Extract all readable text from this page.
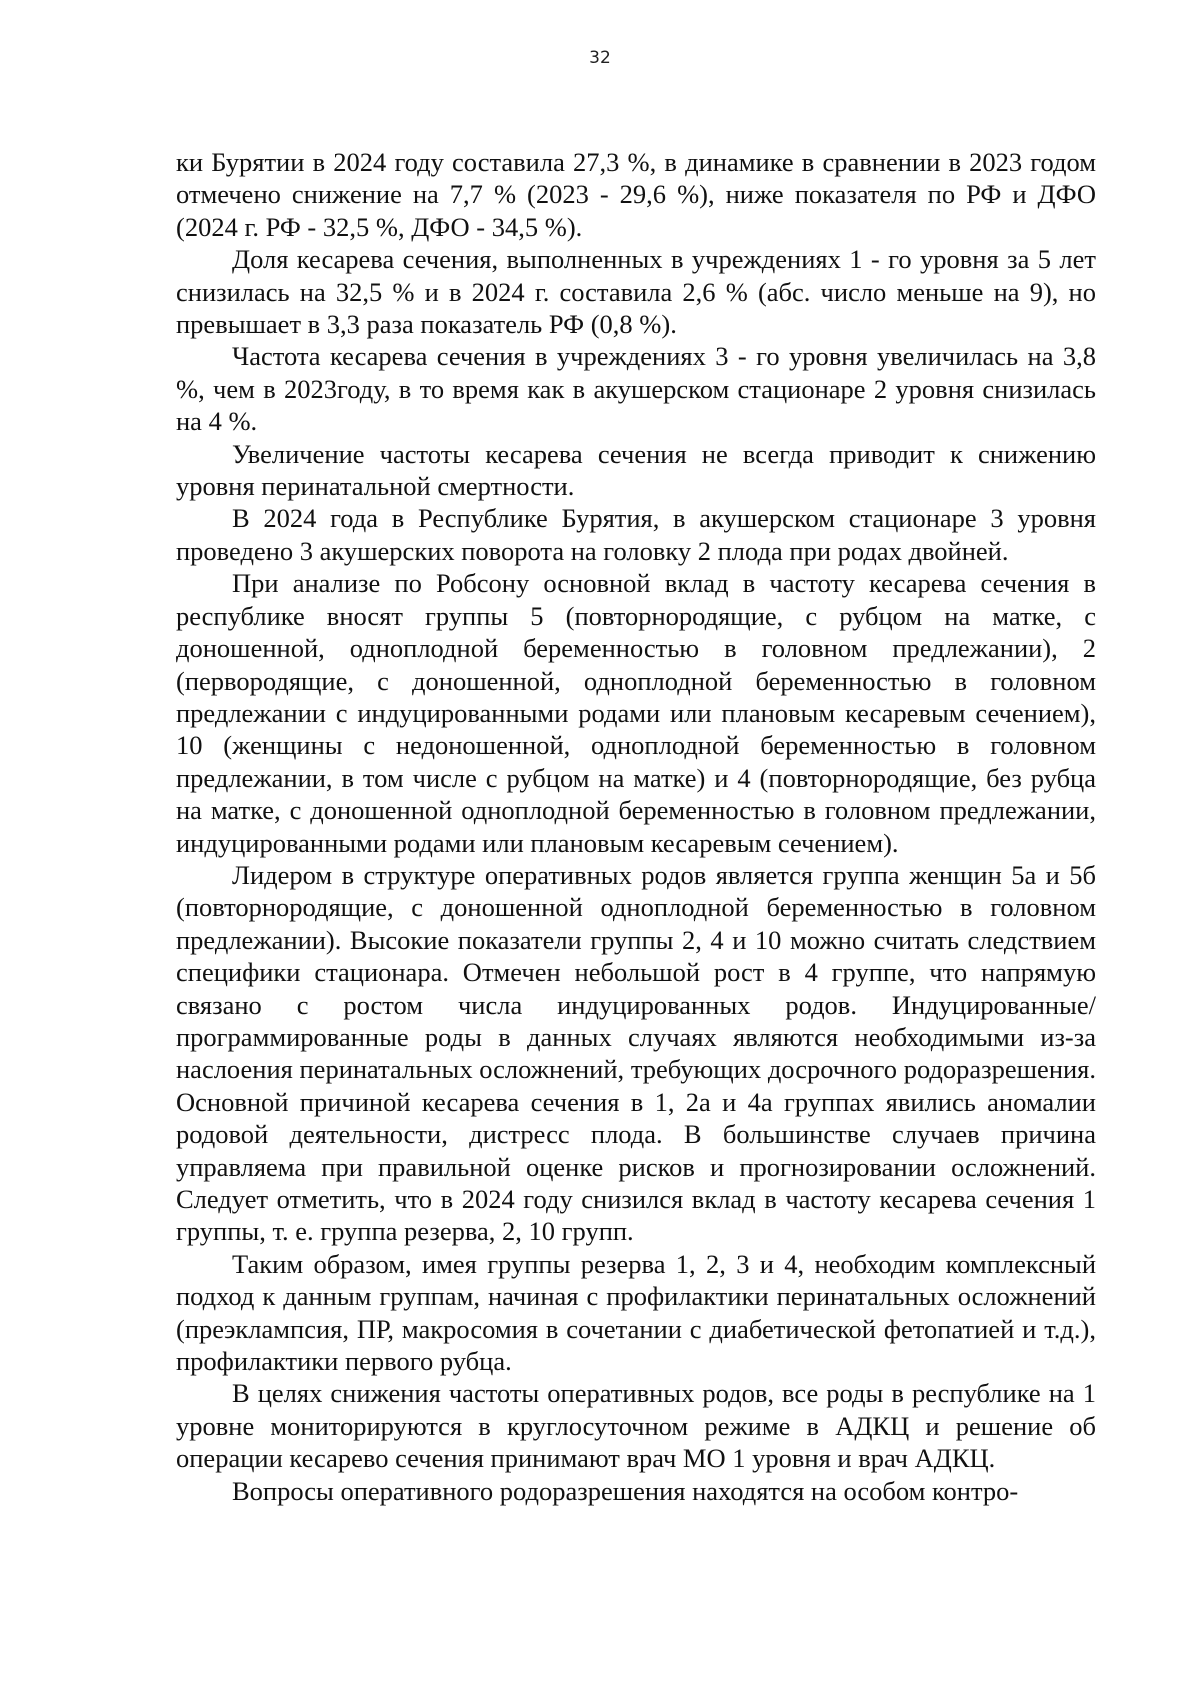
32

ки Бурятии в 2024 году составила 27,3 %, в динамике в сравнении в 2023 годом отмечено снижение на 7,7 % (2023 - 29,6 %), ниже показателя по РФ и ДФО (2024 г. РФ - 32,5 %, ДФО - 34,5 %).

Доля кесарева сечения, выполненных в учреждениях 1 - го уровня за 5 лет снизилась на 32,5 % и в 2024 г. составила 2,6 % (абс. число меньше на 9), но превышает в 3,3 раза показатель РФ (0,8 %).

Частота кесарева сечения в учреждениях 3 - го уровня увеличилась на 3,8 %, чем в 2023году, в то время как в акушерском стационаре 2 уровня снизилась на 4 %.

Увеличение частоты кесарева сечения не всегда приводит к снижению уровня перинатальной смертности.

В 2024 года в Республике Бурятия, в акушерском стационаре 3 уровня проведено 3 акушерских поворота на головку 2 плода при родах двойней.

При анализе по Робсону основной вклад в частоту кесарева сечения в республике вносят группы 5 (повторнородящие, с рубцом на матке, с доношенной, одноплодной беременностью в головном предлежании), 2 (первородящие, с доношенной, одноплодной беременностью в головном предлежании с индуцированными родами или плановым кесаревым сечением), 10 (женщины с недоношенной, одноплодной беременностью в головном предлежании, в том числе с рубцом на матке) и 4 (повторнородящие, без рубца на матке, с доношенной одноплодной беременностью в головном предлежании, индуцированными родами или плановым кесаревым сечением).

Лидером в структуре оперативных родов является группа женщин 5а и 5б (повторнородящие, с доношенной одноплодной беременностью в головном предлежании). Высокие показатели группы 2, 4 и 10 можно считать следствием специфики стационара. Отмечен небольшой рост в 4 группе, что напрямую связано с ростом числа индуцированных родов. Индуцированные/программированные роды в данных случаях являются необходимыми из-за наслоения перинатальных осложнений, требующих досрочного родоразрешения. Основной причиной кесарева сечения в 1, 2а и 4а группах явились аномалии родовой деятельности, дистресс плода. В большинстве случаев причина управляема при правильной оценке рисков и прогнозировании осложнений. Следует отметить, что в 2024 году снизился вклад в частоту кесарева сечения 1 группы, т. е. группа резерва, 2, 10 групп.

Таким образом, имея группы резерва 1, 2, 3 и 4, необходим комплексный подход к данным группам, начиная с профилактики перинатальных осложнений (преэклампсия, ПР, макросомия в сочетании с диабетической фетопатией и т.д.), профилактики первого рубца.

В целях снижения частоты оперативных родов, все роды в республике на 1 уровне мониторируются в круглосуточном режиме в АДКЦ и решение об операции кесарево сечения принимают врач МО 1 уровня и врач АДКЦ.

Вопросы оперативного родоразрешения находятся на особом контро-
